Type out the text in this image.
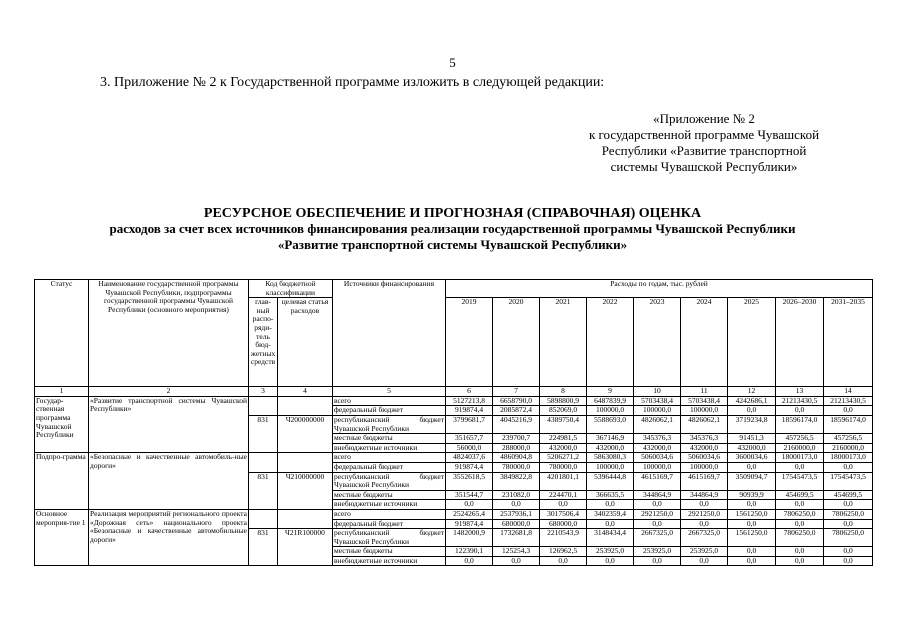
5
3. Приложение № 2 к Государственной программе изложить в следующей редакции:
«Приложение № 2
к государственной программе Чувашской
Республики «Развитие транспортной
системы Чувашской Республики»
РЕСУРСНОЕ ОБЕСПЕЧЕНИЕ И ПРОГНОЗНАЯ (СПРАВОЧНАЯ) ОЦЕНКА
расходов за счет всех источников финансирования реализации государственной программы Чувашской Республики
«Развитие транспортной системы Чувашской Республики»
Статус	Наименование государственной программы Чувашской Республики, подпрограммы государственной программы Чувашской Республики (основного мероприятия)	Код бюджетной классификации		Источники финансирования	Расходы по годам, тыс. рублей								
		глав-ный распо-ряди-тель бюд-жетных средств	целевая статья расходов		2019	2020	2021	2022	2023	2024	2025	2026–2030	2031–2035

1	2	3	4	5	6	7	8	9	10	11	12	13	14
Государ-ственная программа Чувашской Республики	«Развитие транспортной системы Чувашской Республики»			всего	5127213,8	6658790,0	5898800,9	6487839,9	5703438,4	5703438,4	4242686,1	21213430,5	21213430,5
				федеральный бюджет	919874,4	2085872,4	852069,0	100000,0	100000,0	100000,0	0,0	0,0	0,0
		831	Ч200000000	республиканский бюджет Чувашской Республики	3799681,7	4045216,9	4389750,4	5588693,0	4826062,1	4826062,1	3719234,8	18596174,0	18596174,0
				местные бюджеты	351657,7	239700,7	224981,5	367146,9	345376,3	345376,3	91451,3	457256,5	457256,5
				внебюджетные источники	56000,0	288000,0	432000,0	432000,0	432000,0	432000,0	432000,0	2160000,0	2160000,0
Подпро-грамма	«Безопасные и качественные автомобиль-ные дороги»			всего	4824037,6	4860904,8	5206271,2	5863080,3	5060034,6	5060034,6	3600034,6	18000173,0	18000173,0
				федеральный бюджет	919874,4	780000,0	780000,0	100000,0	100000,0	100000,0	0,0	0,0	0,0
		831	Ч210000000	республиканский бюджет Чувашской Республики	3552618,5	3849822,8	4201801,1	5396444,8	4615169,7	4615169,7	3509094,7	17545473,5	17545473,5
				местные бюджеты	351544,7	231082,0	224470,1	366635,5	344864,9	344864,9	90939,9	454699,5	454699,5
				внебюджетные источники	0,0	0,0	0,0	0,0	0,0	0,0	0,0	0,0	0,0
Основное мероприя-тие 1	Реализация мероприятий регионального проекта «Дорожная сеть» национального проекта «Безопасные и качественные автомобильные дороги»			всего	2524265,4	2537936,1	3017506,4	3402359,4	2921250,0	2921250,0	1561250,0	7806250,0	7806250,0
				федеральный бюджет	919874,4	680000,0	680000,0	0,0	0,0	0,0	0,0	0,0	0,0
		831	Ч21R100000	республиканский бюджет Чувашской Республики	1482000,9	1732681,8	2210543,9	3148434,4	2667325,0	2667325,0	1561250,0	7806250,0	7806250,0
				местные бюджеты	122390,1	125254,3	126962,5	253925,0	253925,0	253925,0	0,0	0,0	0,0
				внебюджетные источники	0,0	0,0	0,0	0,0	0,0	0,0	0,0	0,0	0,0
